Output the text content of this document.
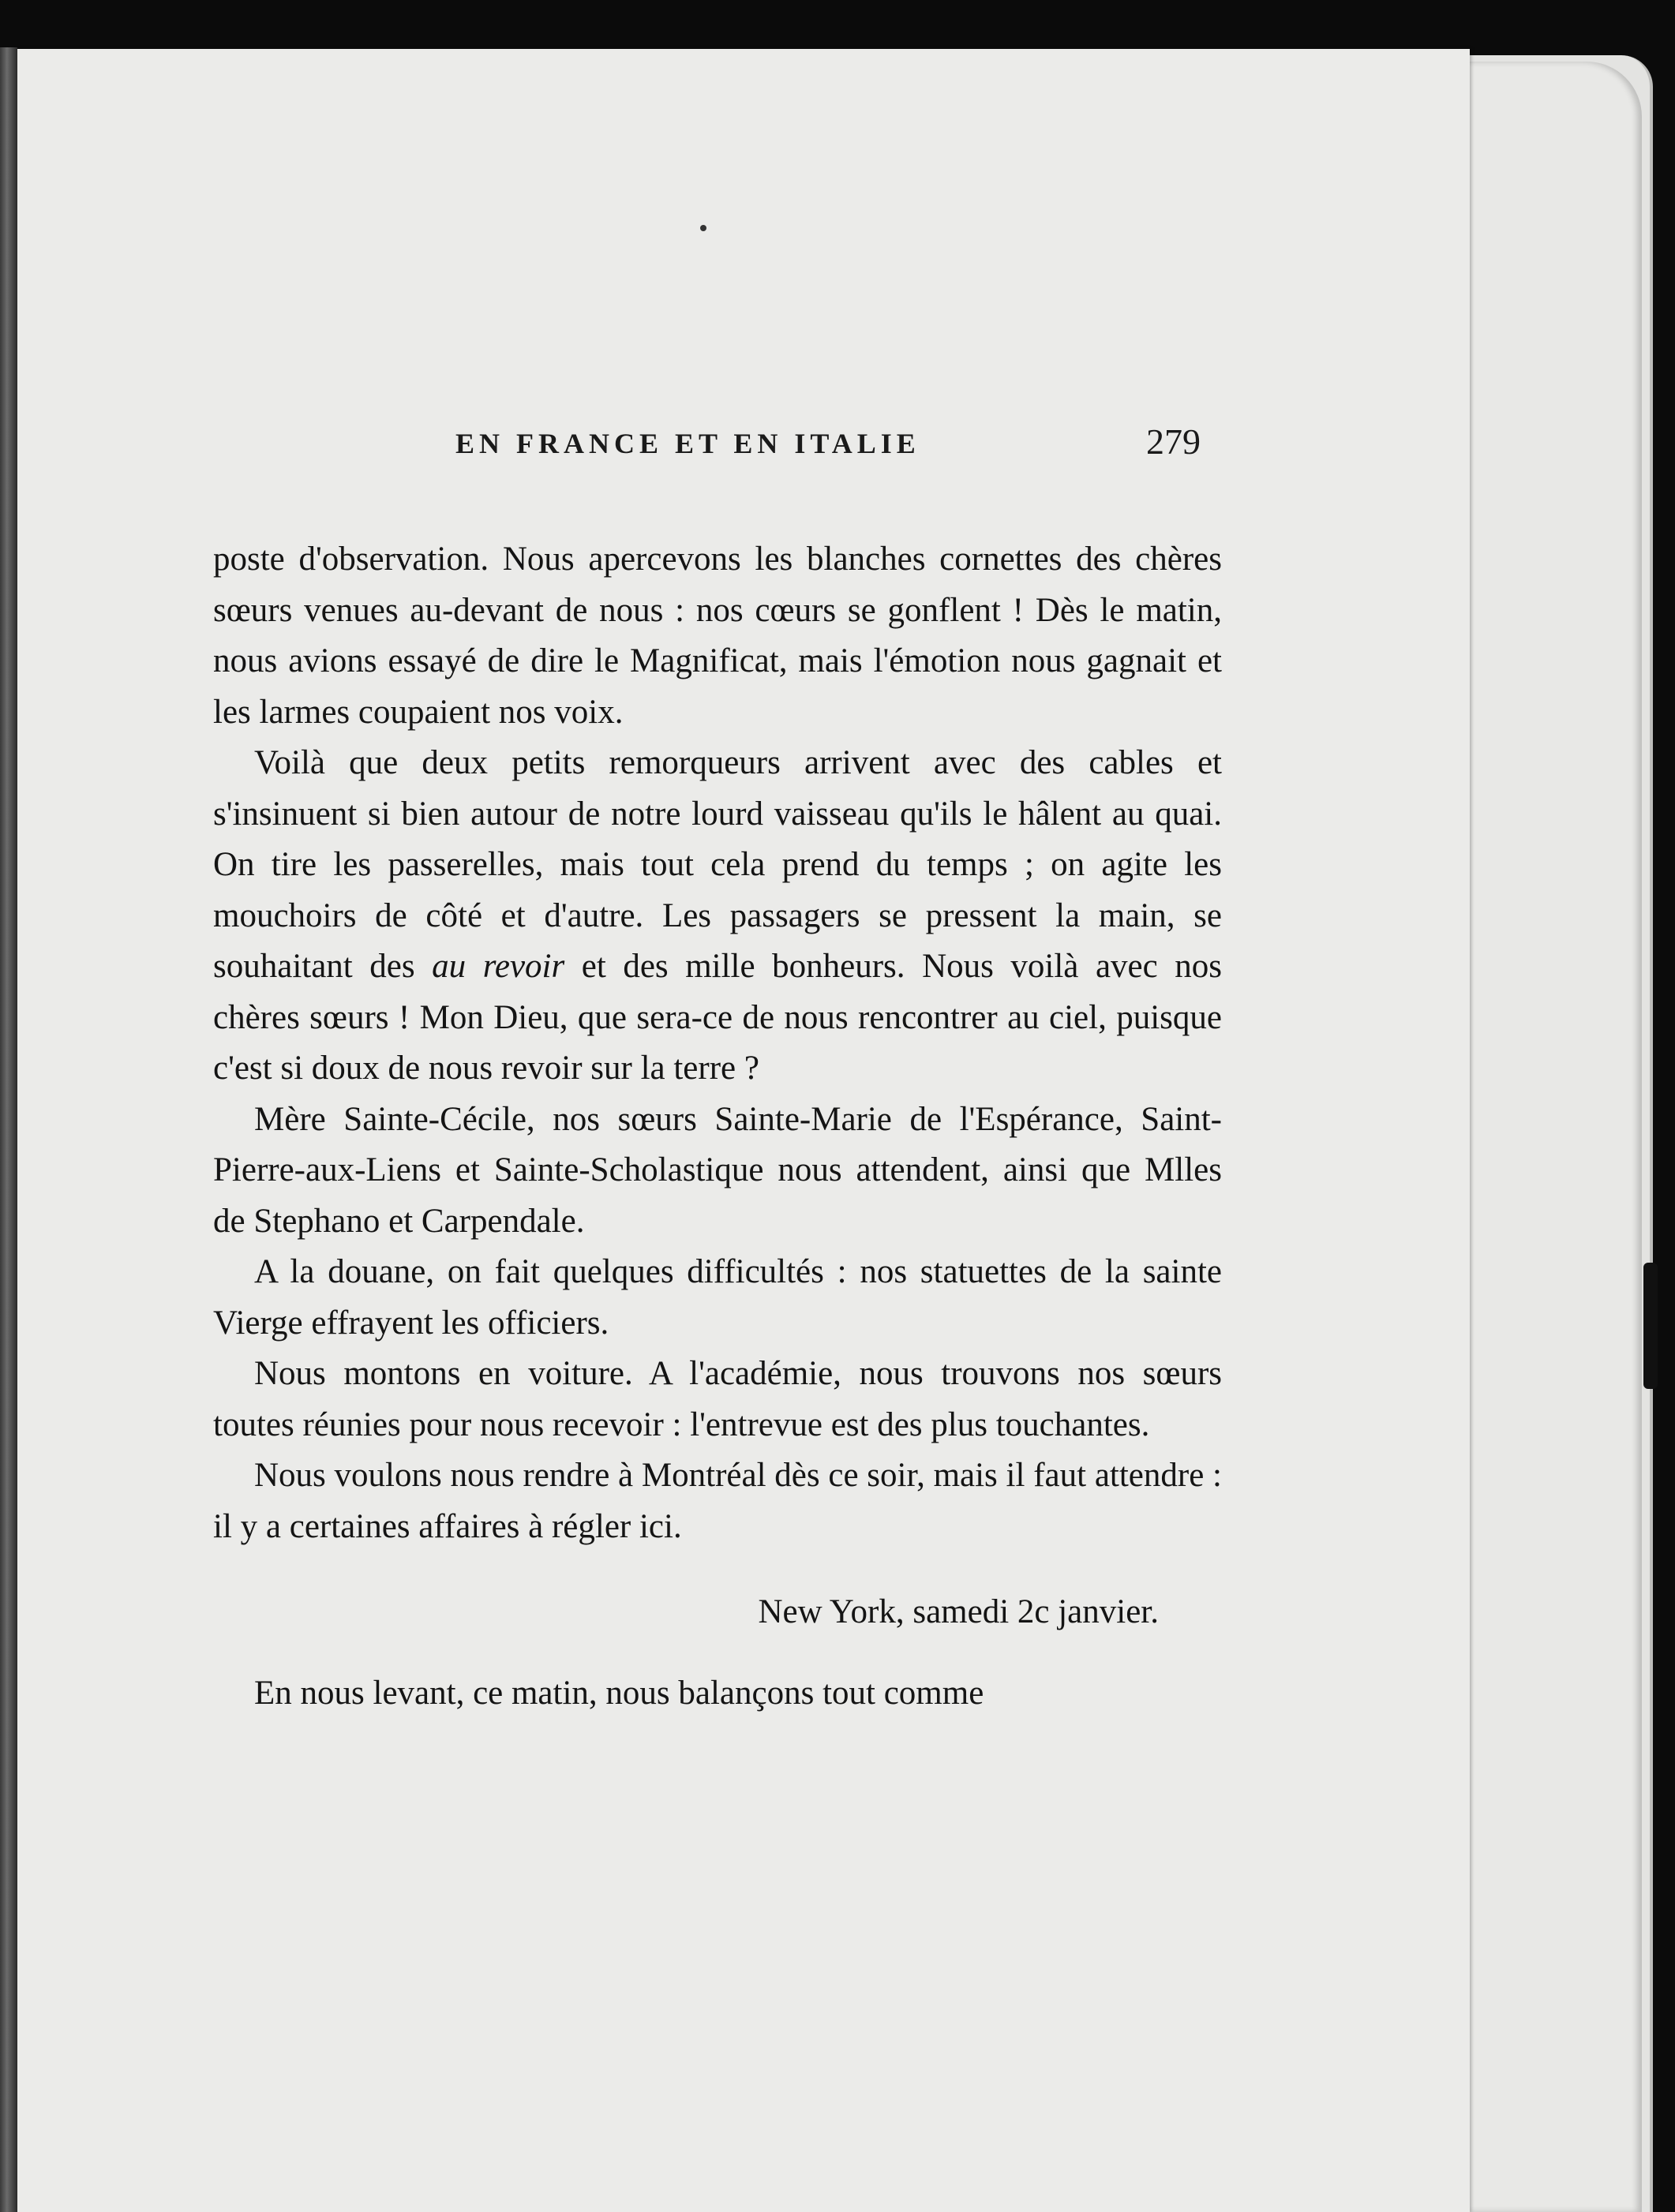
EN FRANCE ET EN ITALIE	279

poste d'observation. Nous apercevons les blanches cornettes des chères sœurs venues au-devant de nous : nos cœurs se gonflent ! Dès le matin, nous avions essayé de dire le Magnificat, mais l'émotion nous gagnait et les larmes coupaient nos voix.

Voilà que deux petits remorqueurs arrivent avec des cables et s'insinuent si bien autour de notre lourd vaisseau qu'ils le hâlent au quai. On tire les passerelles, mais tout cela prend du temps ; on agite les mouchoirs de côté et d'autre. Les passagers se pressent la main, se souhaitant des au revoir et des mille bonheurs. Nous voilà avec nos chères sœurs ! Mon Dieu, que sera-ce de nous rencontrer au ciel, puisque c'est si doux de nous revoir sur la terre ?

Mère Sainte-Cécile, nos sœurs Sainte-Marie de l'Espérance, Saint-Pierre-aux-Liens et Sainte-Scholastique nous attendent, ainsi que Mlles de Stephano et Carpendale.

A la douane, on fait quelques difficultés : nos statuettes de la sainte Vierge effrayent les officiers.

Nous montons en voiture. A l'académie, nous trouvons nos sœurs toutes réunies pour nous recevoir : l'entrevue est des plus touchantes.

Nous voulons nous rendre à Montréal dès ce soir, mais il faut attendre : il y a certaines affaires à régler ici.

New York, samedi 2c janvier.

En nous levant, ce matin, nous balançons tout comme
